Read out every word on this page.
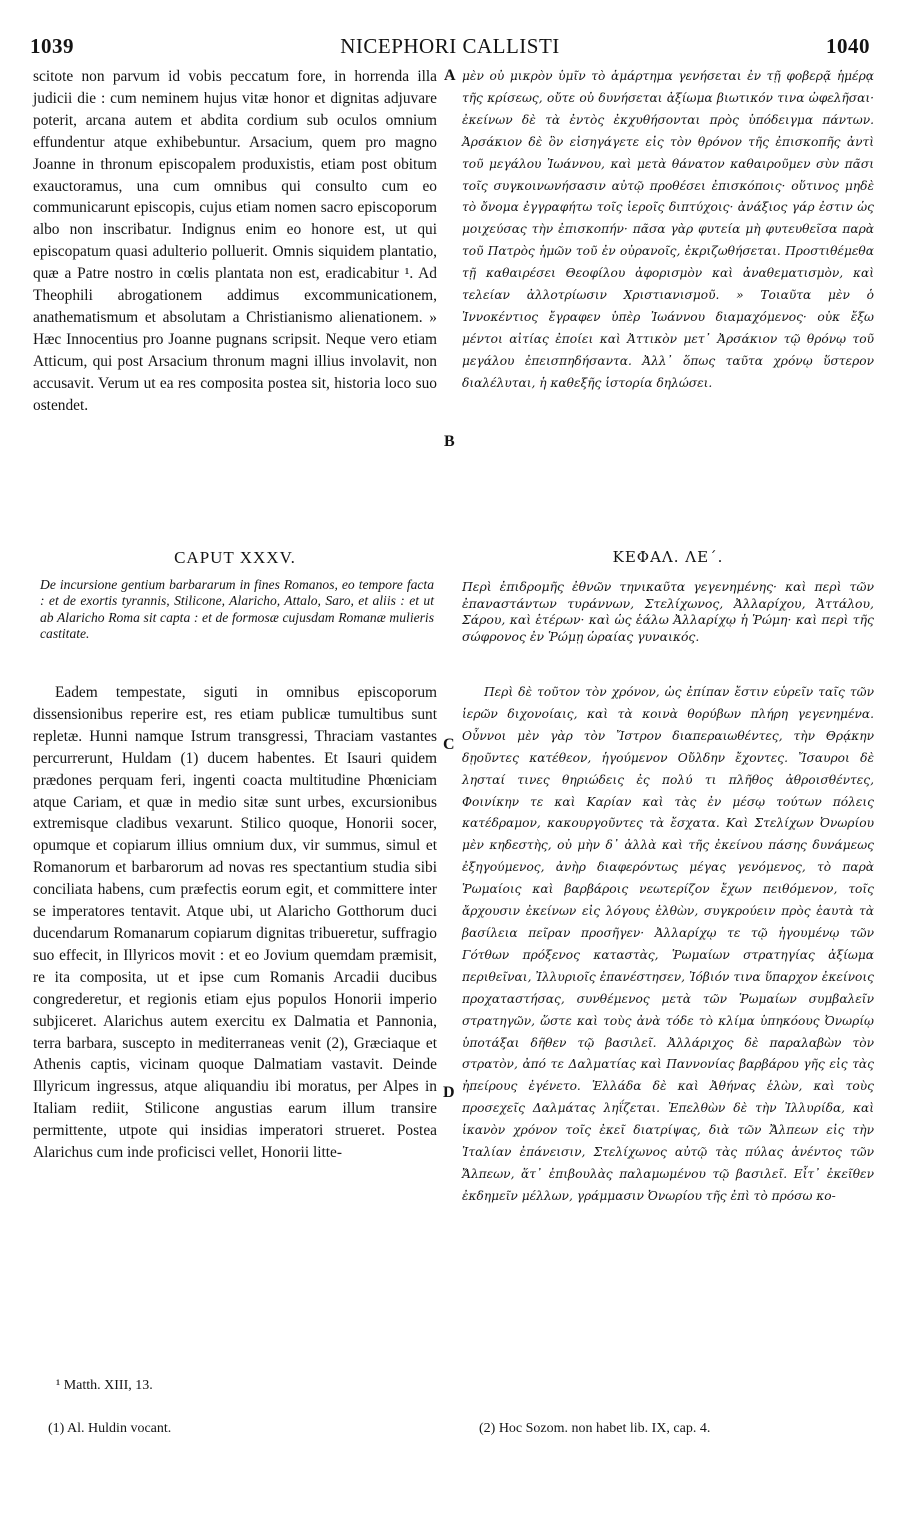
1039	NICEPHORI CALLISTI	1040

scitote non parvum id vobis peccatum fore, in horrenda illa judicii die : cum neminem hujus vitæ honor et dignitas adjuvare poterit, arcana autem et abdita cordium sub oculos omnium effundentur atque exhibebuntur. Arsacium, quem pro magno Joanne in thronum episcopalem produxistis, etiam post obitum exauctoramus, una cum omnibus qui consulto cum eo communicarunt episcopis, cujus etiam nomen sacro episcoporum albo non inscribatur. Indignus enim eo honore est, ut qui episcopatum quasi adulterio polluerit. Omnis siquidem plantatio, quæ a Patre nostro in cœlis plantata non est, eradicabitur ¹. Ad Theophili abrogationem addimus excommunicationem, anathematismum et absolutam a Christianismo alienationem. » Hæc Innocentius pro Joanne pugnans scripsit. Neque vero etiam Atticum, qui post Arsacium thronum magni illius involavit, non accusavit. Verum ut ea res composita postea sit, historia loco suo ostendet.

μὲν οὐ μικρὸν ὑμῖν τὸ ἁμάρτημα γενήσεται ἐν τῇ φοβερᾷ ἡμέρᾳ τῆς κρίσεως, οὔτε οὐ δυνήσεται ἀξίωμα βιωτικόν τινα ὠφελῆσαι· ἐκείνων δὲ τὰ ἐντὸς ἐκχυθήσονται πρὸς ὑπόδειγμα πάντων. Ἀρσάκιον δὲ ὃν εἰσηγάγετε εἰς τὸν θρόνον τῆς ἐπισκοπῆς ἀντὶ τοῦ μεγάλου Ἰωάννου, καὶ μετὰ θάνατον καθαιροῦμεν σὺν πᾶσι τοῖς συγκοινωνήσασιν αὐτῷ προθέσει ἐπισκόποις· οὕτινος μηδὲ τὸ ὄνομα ἐγγραφήτω τοῖς ἱεροῖς διπτύχοις· ἀνάξιος γάρ ἐστιν ὡς μοιχεύσας τὴν ἐπισκοπήν· πᾶσα γὰρ φυτεία μὴ φυτευθεῖσα παρὰ τοῦ Πατρὸς ἡμῶν τοῦ ἐν οὐρανοῖς, ἐκριζωθήσεται. Προστιθέμεθα τῇ καθαιρέσει Θεοφίλου ἀφορισμὸν καὶ ἀναθεματισμὸν, καὶ τελείαν ἀλλοτρίωσιν Χριστιανισμοῦ. » Τοιαῦτα μὲν ὁ Ἰννοκέντιος ἔγραφεν ὑπὲρ Ἰωάννου διαμαχόμενος· οὐκ ἔξω μέντοι αἰτίας ἐποίει καὶ Ἀττικὸν μετ᾽ Ἀρσάκιον τῷ θρόνῳ τοῦ μεγάλου ἐπεισπηδήσαντα. Ἀλλ᾽ ὅπως ταῦτα χρόνῳ ὕστερον διαλέλυται, ἡ καθεξῆς ἱστορία δηλώσει.

CAPUT XXXV.	ΚΕΦΑΛ. ΛΕ΄.
De incursione gentium barbararum in fines Romanos, eo tempore facta : et de exortis tyrannis, Stilicone, Alaricho, Attalo, Saro, et aliis : et ut ab Alaricho Roma sit capta : et de formosæ cujusdam Romanæ mulieris castitate.
Περὶ ἐπιδρομῆς ἐθνῶν τηνικαῦτα γεγενημένης· καὶ περὶ τῶν ἐπαναστάντων τυράννων, Στελίχωνος, Ἀλλαρίχου, Ἀττάλου, Σάρου, καὶ ἑτέρων· καὶ ὡς ἑάλω Ἀλλαρίχῳ ἡ Ῥώμη· καὶ περὶ τῆς σώφρονος ἐν Ῥώμῃ ὡραίας γυναικός.

Eadem tempestate, siguti in omnibus episcoporum dissensionibus reperire est, res etiam publicæ tumultibus sunt repletæ. Hunni namque Istrum transgressi, Thraciam vastantes percurrerunt, Huldam (1) ducem habentes. Et Isauri quidem prædones perquam feri, ingenti coacta multitudine Phœniciam atque Cariam, et quæ in medio sitæ sunt urbes, excursionibus extremisque cladibus vexarunt. Stilico quoque, Honorii socer, opumque et copiarum illius omnium dux, vir summus, simul et Romanorum et barbarorum ad novas res spectantium studia sibi conciliata habens, cum præfectis eorum egit, et committere inter se imperatores tentavit. Atque ubi, ut Alaricho Gotthorum duci ducendarum Romanarum copiarum dignitas tribueretur, suffragio suo effecit, in Illyricos movit : et eo Jovium quemdam præmisit, re ita composita, ut et ipse cum Romanis Arcadii ducibus congrederetur, et regionis etiam ejus populos Honorii imperio subjiceret. Alarichus autem exercitu ex Dalmatia et Pannonia, terra barbara, suscepto in mediterraneas venit (2), Græciaque et Athenis captis, vicinam quoque Dalmatiam vastavit. Deinde Illyricum ingressus, atque aliquandiu ibi moratus, per Alpes in Italiam rediit, Stilicone angustias earum illum transire permittente, utpote qui insidias imperatori strueret. Postea Alarichus cum inde proficisci vellet, Honorii litte-

Περὶ δὲ τοῦτον τὸν χρόνον, ὡς ἐπίπαν ἔστιν εὑρεῖν ταῖς τῶν ἱερῶν διχονοίαις, καὶ τὰ κοινὰ θορύβων πλήρη γεγενημένα. Οὖννοι μὲν γὰρ τὸν Ἴστρον διαπεραιωθέντες, τὴν Θρᾴκην δῃοῦντες κατέθεον, ἡγούμενον Οὔλδην ἔχοντες. Ἴσαυροι δὲ λησταί τινες θηριώδεις ἐς πολύ τι πλῆθος ἀθροισθέντες, Φοινίκην τε καὶ Καρίαν καὶ τὰς ἐν μέσῳ τούτων πόλεις κατέδραμον, κακουργοῦντες τὰ ἔσχατα. Καὶ Στελίχων Ὀνωρίου μὲν κηδεστὴς, οὐ μὴν δ᾽ ἀλλὰ καὶ τῆς ἐκείνου πάσης δυνάμεως ἐξηγούμενος, ἀνὴρ διαφερόντως μέγας γενόμενος, τὸ παρὰ Ῥωμαίοις καὶ βαρβάροις νεωτερίζον ἔχων πειθόμενον, τοῖς ἄρχουσιν ἐκείνων εἰς λόγους ἐλθὼν, συγκρούειν πρὸς ἑαυτὰ τὰ βασίλεια πεῖραν προσῆγεν· Ἀλλαρίχῳ τε τῷ ἡγουμένῳ τῶν Γότθων πρόξενος καταστὰς, Ῥωμαίων στρατηγίας ἀξίωμα περιθεῖναι, Ἰλλυριοῖς ἐπανέστησεν, Ἰόβιόν τινα ὕπαρχον ἐκείνοις προχαταστήσας, συνθέμενος μετὰ τῶν Ῥωμαίων συμβαλεῖν στρατηγῶν, ὥστε καὶ τοὺς ἀνὰ τόδε τὸ κλίμα ὑπηκόους Ὀνωρίῳ ὑποτάξαι δῆθεν τῷ βασιλεῖ. Ἀλλάριχος δὲ παραλαβὼν τὸν στρατὸν, ἀπό τε Δαλματίας καὶ Παννονίας βαρβάρου γῆς εἰς τὰς ἠπείρους ἐγένετο. Ἑλλάδα δὲ καὶ Ἀθήνας ἑλὼν, καὶ τοὺς προσεχεῖς Δαλμάτας ληΐζεται. Ἐπελθὼν δὲ τὴν Ἰλλυρίδα, καὶ ἱκανὸν χρόνον τοῖς ἐκεῖ διατρίψας, διὰ τῶν Ἄλπεων εἰς τὴν Ἰταλίαν ἐπάνεισιν, Στελίχωνος αὐτῷ τὰς πύλας ἀνέντος τῶν Ἄλπεων, ἅτ᾽ ἐπιβουλὰς παλαμωμένου τῷ βασιλεῖ. Εἶτ᾽ ἐκεῖθεν ἐκδημεῖν μέλλων, γράμμασιν Ὀνωρίου τῆς ἐπὶ τὸ πρόσω κο-

A
B
C
D
¹ Matth. XIII, 13.
(1) Al. Huldin vocant.	(2) Hoc Sozom. non habet lib. IX, cap. 4.
